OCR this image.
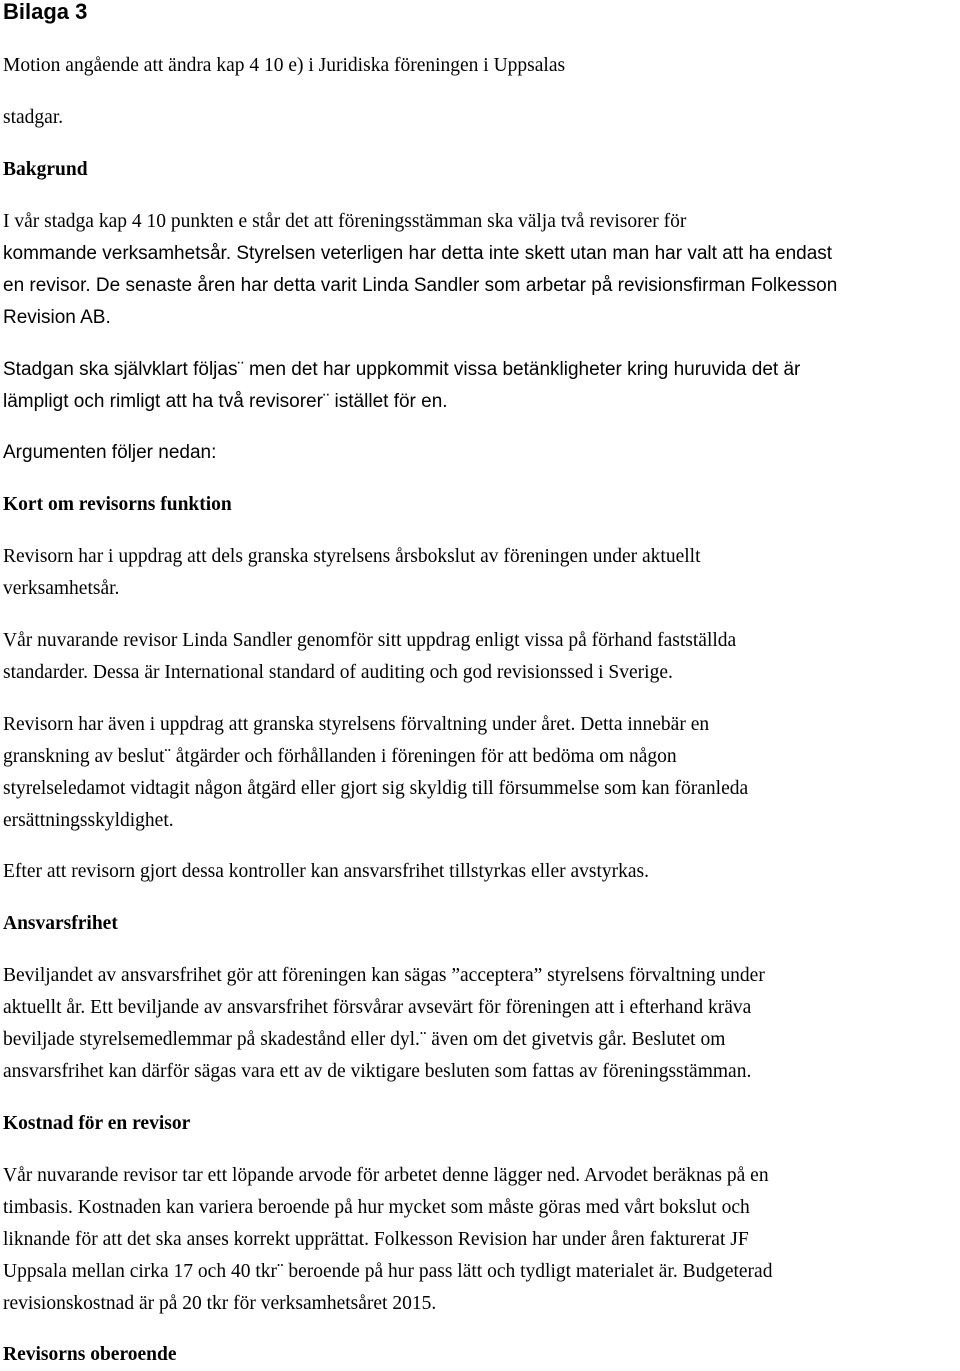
Bilaga 3

Motion angående att ändra kap 4 10 e) i Juridiska föreningen i Uppsalas

stadgar.

Bakgrund

I vår stadga kap 4 10 punkten e står det att föreningsstämman ska välja två revisorer för
kommande verksamhetsår. Styrelsen veterligen har detta inte skett utan man har valt att ha endast
en revisor. De senaste åren har detta varit Linda Sandler som arbetar på revisionsfirman Folkesson
Revision AB.

Stadgan ska självklart följas¨ men det har uppkommit vissa betänkligheter kring huruvida det är
lämpligt och rimligt att ha två revisorer¨ istället för en.

Argumenten följer nedan:

Kort om revisorns funktion

Revisorn har i uppdrag att dels granska styrelsens årsbokslut av föreningen under aktuellt
verksamhetsår.

Vår nuvarande revisor Linda Sandler genomför sitt uppdrag enligt vissa på förhand fastställda
standarder. Dessa är International standard of auditing och god revisionssed i Sverige.

Revisorn har även i uppdrag att granska styrelsens förvaltning under året. Detta innebär en
granskning av beslut¨ åtgärder och förhållanden i föreningen för att bedöma om någon
styrelseledamot vidtagit någon åtgärd eller gjort sig skyldig till försummelse som kan föranleda
ersättningsskyldighet.

Efter att revisorn gjort dessa kontroller kan ansvarsfrihet tillstyrkas eller avstyrkas.

Ansvarsfrihet

Beviljandet av ansvarsfrihet gör att föreningen kan sägas ”acceptera” styrelsens förvaltning under
aktuellt år. Ett beviljande av ansvarsfrihet försvårar avsevärt för föreningen att i efterhand kräva
beviljade styrelsemedlemmar på skadestånd eller dyl.¨ även om det givetvis går. Beslutet om
ansvarsfrihet kan därför sägas vara ett av de viktigare besluten som fattas av föreningsstämman.

Kostnad för en revisor

Vår nuvarande revisor tar ett löpande arvode för arbetet denne lägger ned. Arvodet beräknas på en
timbasis. Kostnaden kan variera beroende på hur mycket som måste göras med vårt bokslut och
liknande för att det ska anses korrekt upprättat. Folkesson Revision har under åren fakturerat JF
Uppsala mellan cirka 17 och 40 tkr¨ beroende på hur pass lätt och tydligt materialet är. Budgeterad
revisionskostnad är på 20 tkr för verksamhetsåret 2015.

Revisorns oberoende
